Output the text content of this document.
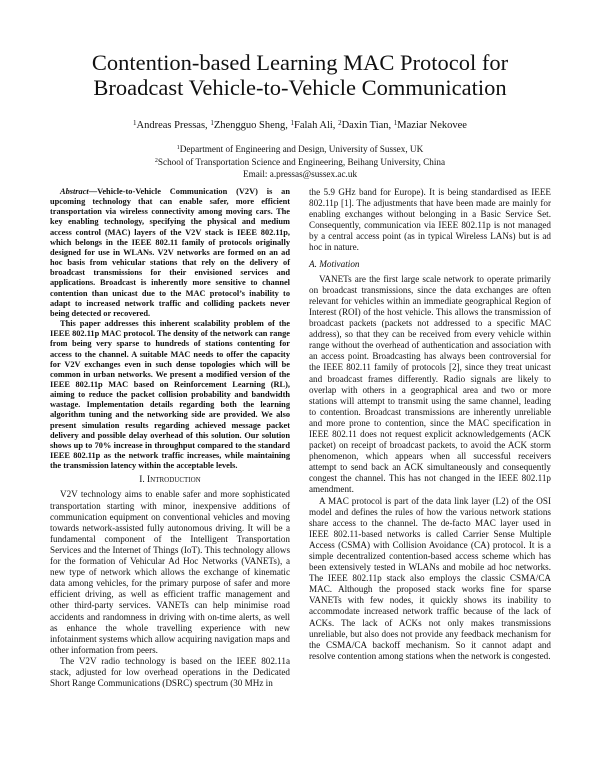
Contention-based Learning MAC Protocol for
Broadcast Vehicle-to-Vehicle Communication
$^1$Andreas Pressas, $^1$Zhengguo Sheng, $^1$Falah Ali, $^2$Daxin Tian, $^1$Maziar Nekovee
$^1$Department of Engineering and Design, University of Sussex, UK
$^2$School of Transportation Science and Engineering, Beihang University, China
Email: a.pressas@sussex.ac.uk

Abstract—Vehicle-to-Vehicle Communication (V2V) is an upcoming technology that can enable safer, more efficient transportation via wireless connectivity among moving cars. The key enabling technology, specifying the physical and medium access control (MAC) layers of the V2V stack is IEEE 802.11p, which belongs in the IEEE 802.11 family of protocols originally designed for use in WLANs. V2V networks are formed on an ad hoc basis from vehicular stations that rely on the delivery of broadcast transmissions for their envisioned services and applications. Broadcast is inherently more sensitive to channel contention than unicast due to the MAC protocol’s inability to adapt to increased network traffic and colliding packets never being detected or recovered.

This paper addresses this inherent scalability problem of the IEEE 802.11p MAC protocol. The density of the network can range from being very sparse to hundreds of stations contenting for access to the channel. A suitable MAC needs to offer the capacity for V2V exchanges even in such dense topologies which will be common in urban networks. We present a modified version of the IEEE 802.11p MAC based on Reinforcement Learning (RL), aiming to reduce the packet collision probability and bandwidth wastage. Implementation details regarding both the learning algorithm tuning and the networking side are provided. We also present simulation results regarding achieved message packet delivery and possible delay overhead of this solution. Our solution shows up to 70% increase in throughput compared to the standard IEEE 802.11p as the network traffic increases, while maintaining the transmission latency within the acceptable levels.

I. Introduction

V2V technology aims to enable safer and more sophisticated transportation starting with minor, inexpensive additions of communication equipment on conventional vehicles and moving towards network-assisted fully autonomous driving. It will be a fundamental component of the Intelligent Transportation Services and the Internet of Things (IoT). This technology allows for the formation of Vehicular Ad Hoc Networks (VANETs), a new type of network which allows the exchange of kinematic data among vehicles, for the primary purpose of safer and more efficient driving, as well as efficient traffic management and other third-party services. VANETs can help minimise road accidents and randomness in driving with on-time alerts, as well as enhance the whole travelling experience with new infotainment systems which allow acquiring navigation maps and other information from peers.

The V2V radio technology is based on the IEEE 802.11a stack, adjusted for low overhead operations in the Dedicated Short Range Communications (DSRC) spectrum (30 MHz in

the 5.9 GHz band for Europe). It is being standardised as IEEE 802.11p [1]. The adjustments that have been made are mainly for enabling exchanges without belonging in a Basic Service Set. Consequently, communication via IEEE 802.11p is not managed by a central access point (as in typical Wireless LANs) but is ad hoc in nature.

A. Motivation

VANETs are the first large scale network to operate primarily on broadcast transmissions, since the data exchanges are often relevant for vehicles within an immediate geographical Region of Interest (ROI) of the host vehicle. This allows the transmission of broadcast packets (packets not addressed to a specific MAC address), so that they can be received from every vehicle within range without the overhead of authentication and association with an access point. Broadcasting has always been controversial for the IEEE 802.11 family of protocols [2], since they treat unicast and broadcast frames differently. Radio signals are likely to overlap with others in a geographical area and two or more stations will attempt to transmit using the same channel, leading to contention. Broadcast transmissions are inherently unreliable and more prone to contention, since the MAC specification in IEEE 802.11 does not request explicit acknowledgements (ACK packet) on receipt of broadcast packets, to avoid the ACK storm phenomenon, which appears when all successful receivers attempt to send back an ACK simultaneously and consequently congest the channel. This has not changed in the IEEE 802.11p amendment.

A MAC protocol is part of the data link layer (L2) of the OSI model and defines the rules of how the various network stations share access to the channel. The de-facto MAC layer used in IEEE 802.11-based networks is called Carrier Sense Multiple Access (CSMA) with Collision Avoidance (CA) protocol. It is a simple decentralized contention-based access scheme which has been extensively tested in WLANs and mobile ad hoc networks. The IEEE 802.11p stack also employs the classic CSMA/CA MAC. Although the proposed stack works fine for sparse VANETs with few nodes, it quickly shows its inability to accommodate increased network traffic because of the lack of ACKs. The lack of ACKs not only makes transmissions unreliable, but also does not provide any feedback mechanism for the CSMA/CA backoff mechanism. So it cannot adapt and resolve contention among stations when the network is congested.
